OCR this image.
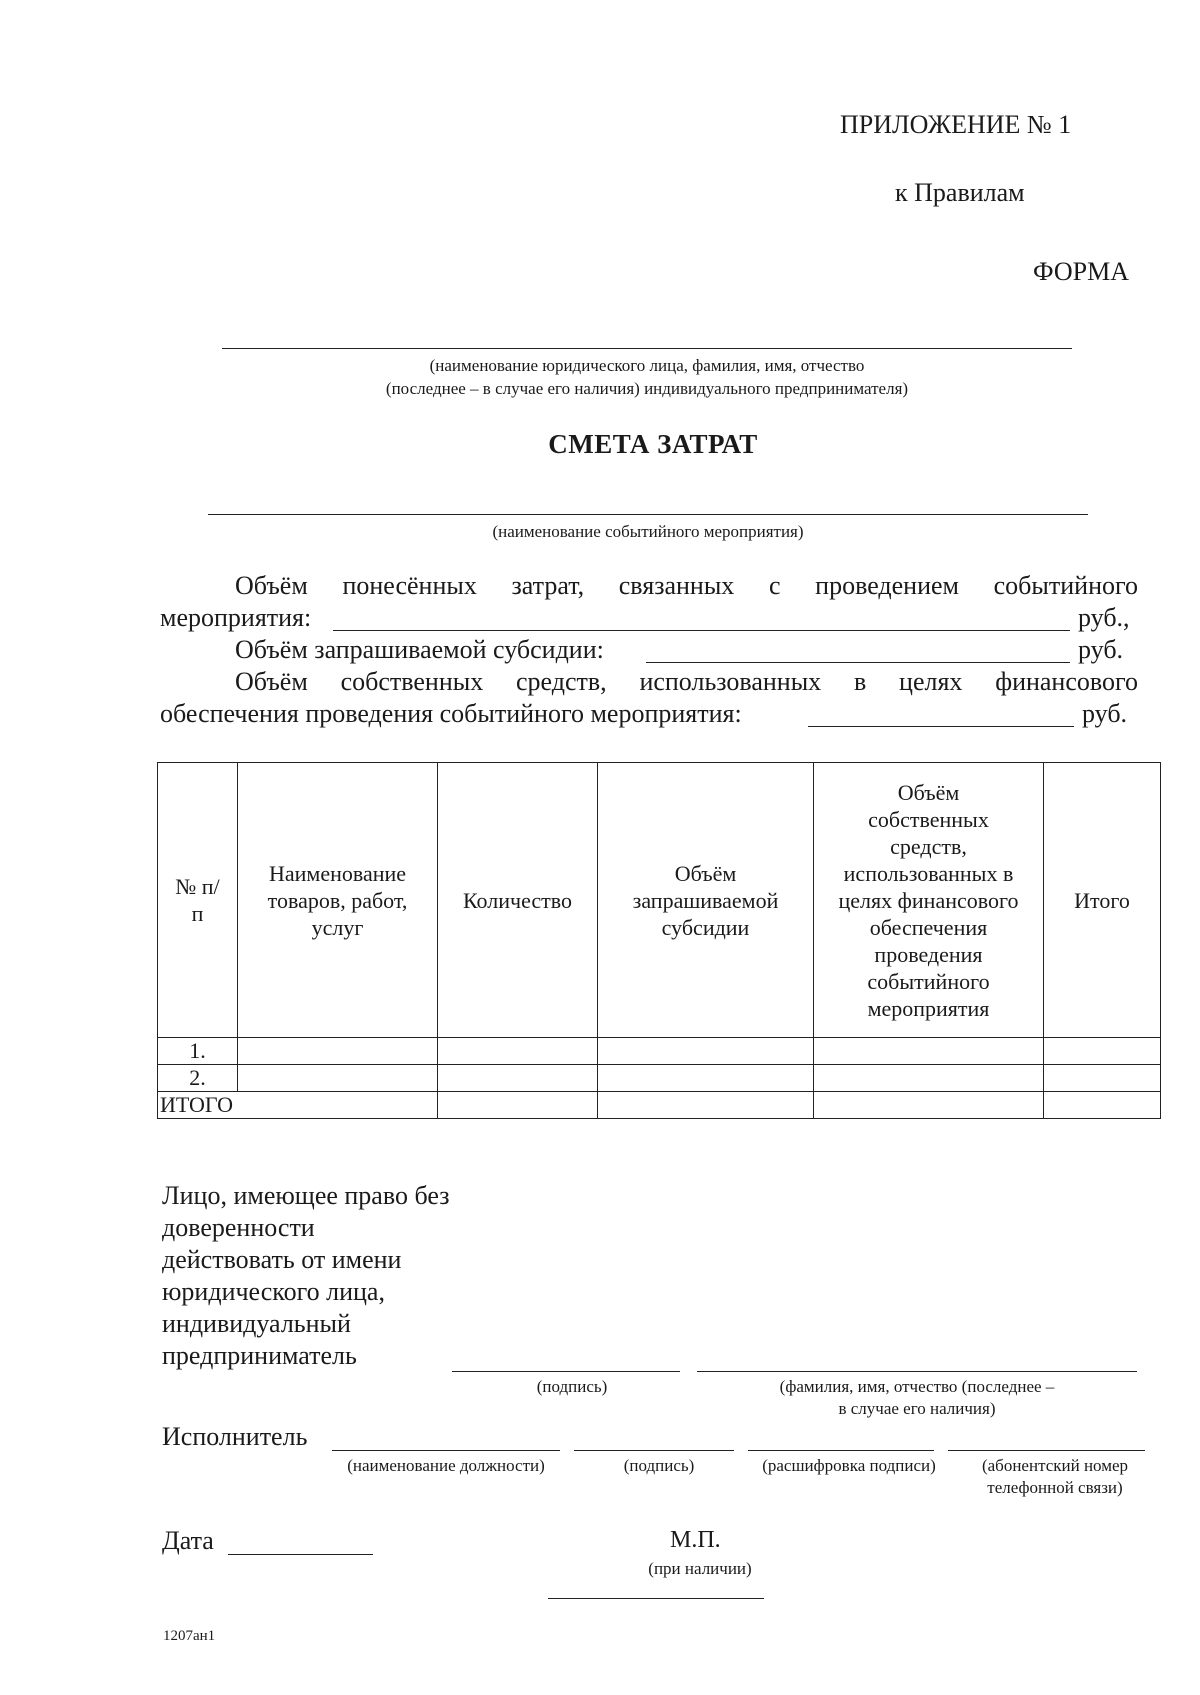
ПРИЛОЖЕНИЕ № 1
к Правилам
ФОРМА
(наименование юридического лица, фамилия, имя, отчество
(последнее – в случае его наличия) индивидуального предпринимателя)
СМЕТА ЗАТРАТ
(наименование событийного мероприятия)
Объём понесённых затрат, связанных с проведением событийного
мероприятия:	руб.,
Объём запрашиваемой субсидии:	руб.
Объём собственных средств, использованных в целях финансового
обеспечения проведения событийного мероприятия:	руб.
№ п/п	Наименование товаров, работ, услуг	Количество	Объём запрашиваемой субсидии	Объём собственных средств, использованных в целях финансового обеспечения проведения событийного мероприятия	Итого
1.					
2.					
ИТОГО					
Лицо, имеющее право без доверенности действовать от имени юридического лица, индивидуальный предприниматель
(подпись)	(фамилия, имя, отчество (последнее –
в случае его наличия)
Исполнитель
(наименование должности)	(подпись)	(расшифровка подписи)	(абонентский номер
телефонной связи)
Дата	М.П.
(при наличии)
1207ан1
